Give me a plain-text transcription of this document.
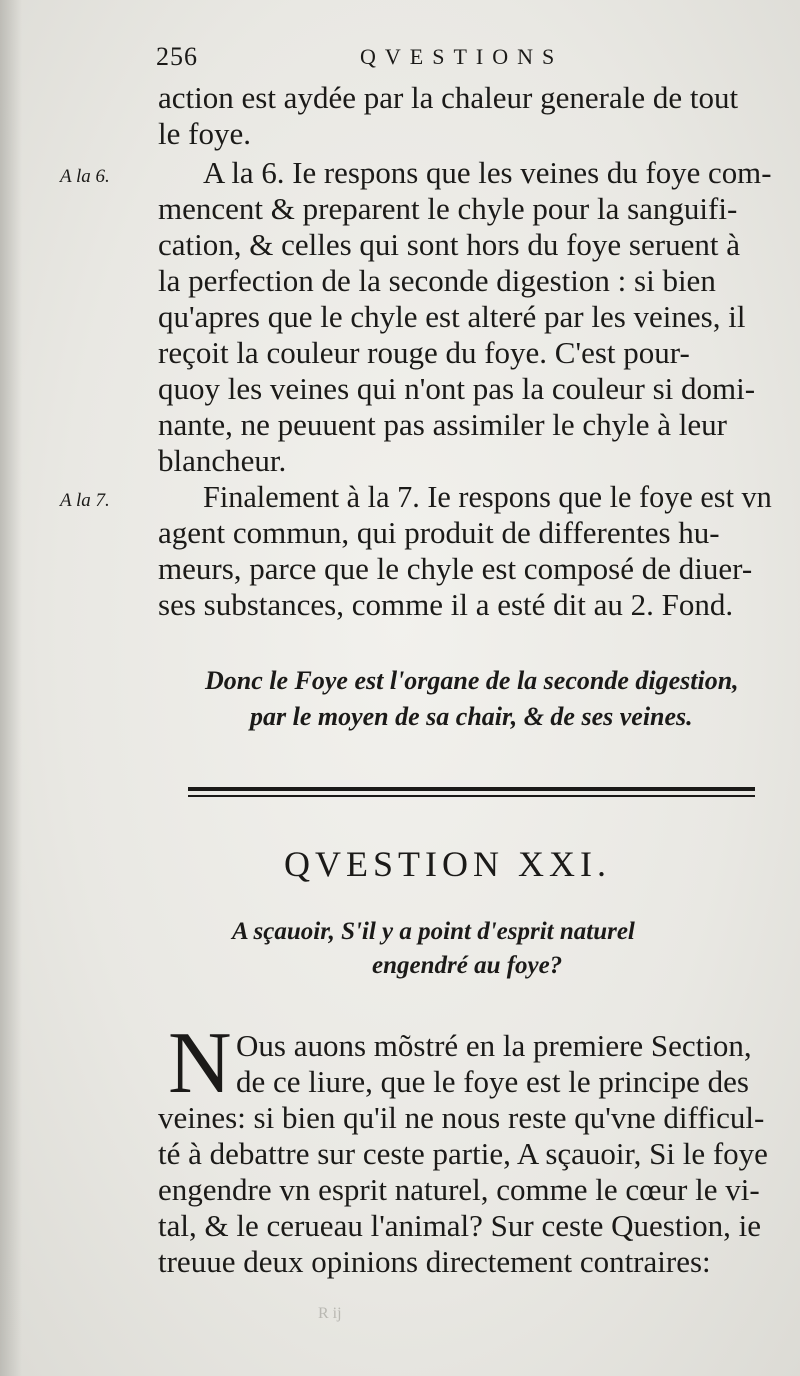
256	QVESTIONS
A la 6.
A la 7.
action est aydée par la chaleur generale de tout
le foye.
A la 6. Ie respons que les veines du foye com-
mencent & preparent le chyle pour la sanguifi-
cation, & celles qui sont hors du foye seruent à
la perfection de la seconde digestion : si bien
qu'apres que le chyle est alteré par les veines, il
reçoit la couleur rouge du foye. C'est pour-
quoy les veines qui n'ont pas la couleur si domi-
nante, ne peuuent pas assimiler le chyle à leur
blancheur.
Finalement à la 7. Ie respons que le foye est vn
agent commun, qui produit de differentes hu-
meurs, parce que le chyle est composé de diuer-
ses substances, comme il a esté dit au 2. Fond.
Donc le Foye est l'organe de la seconde digestion,
par le moyen de sa chair, & de ses veines.
QVESTION XXI.
A sçauoir, S'il y a point d'esprit naturel
engendré au foye?
N Ous auons mõstré en la premiere Section,
de ce liure, que le foye est le principe des
veines: si bien qu'il ne nous reste qu'vne difficul-
té à debattre sur ceste partie, A sçauoir, Si le foye
engendre vn esprit naturel, comme le cœur le vi-
tal, & le cerueau l'animal? Sur ceste Question, ie
treuue deux opinions directement contraires:
R ij
